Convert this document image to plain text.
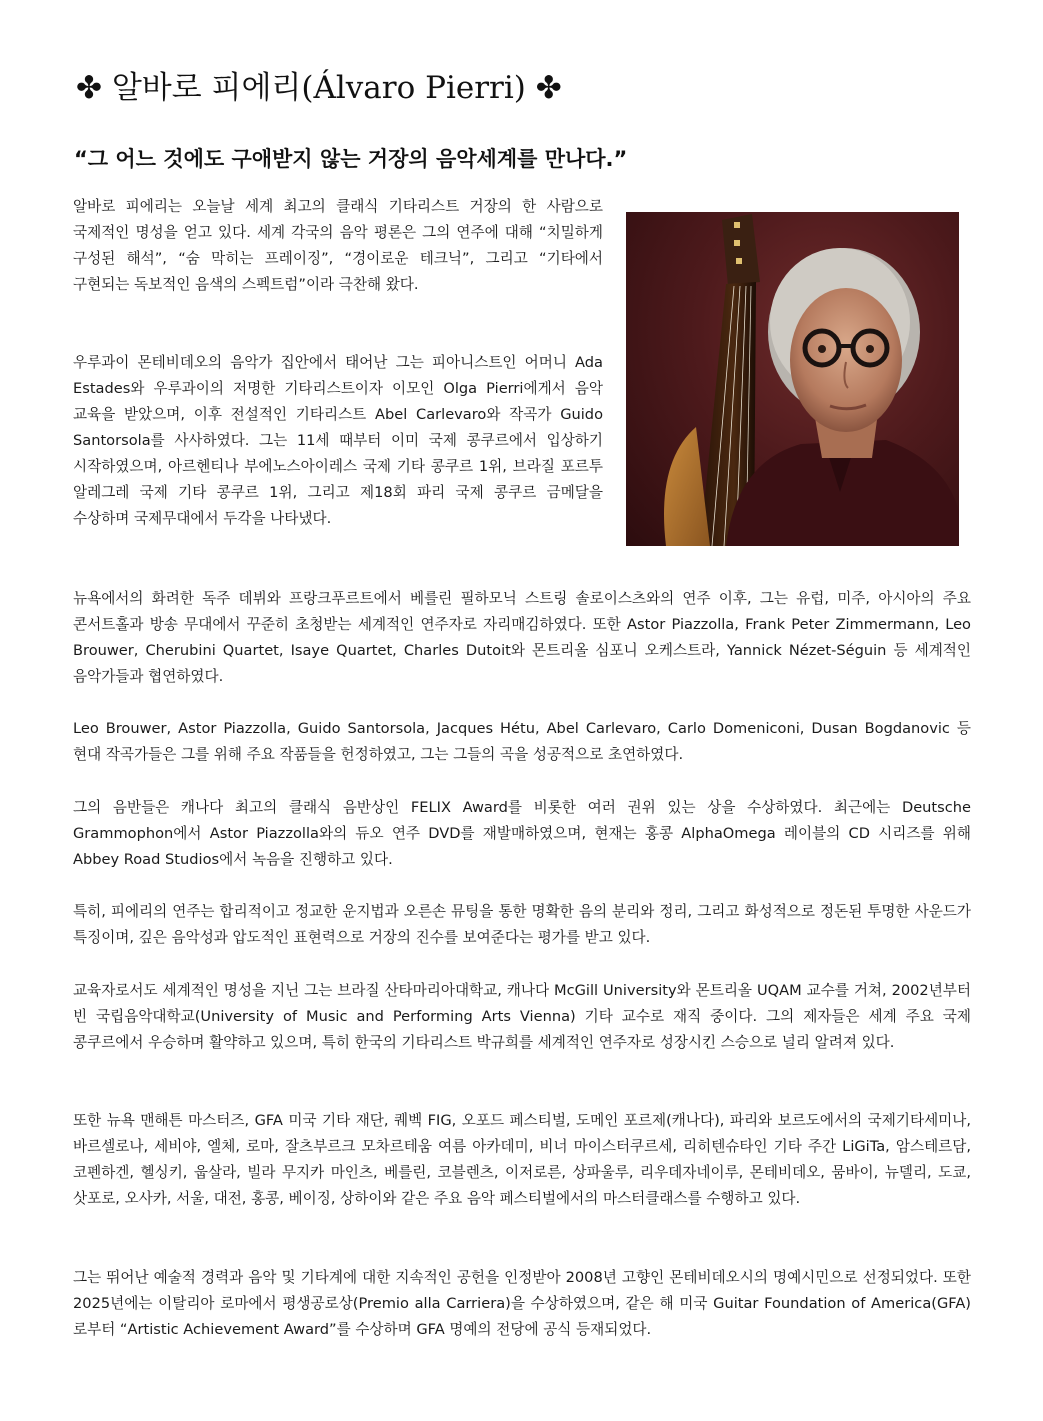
✤ 알바로 피에리(Álvaro Pierri) ✤
“그 어느 것에도 구애받지 않는 거장의 음악세계를 만나다.”

알바로 피에리는 오늘날 세계 최고의 클래식 기타리스트 거장의 한 사람으로 국제적인 명성을 얻고 있다. 세계 각국의 음악 평론은 그의 연주에 대해 “치밀하게 구성된 해석”, “숨 막히는 프레이징”, “경이로운 테크닉”, 그리고 “기타에서 구현되는 독보적인 음색의 스펙트럼”이라 극찬해 왔다.

우루과이 몬테비데오의 음악가 집안에서 태어난 그는 피아니스트인 어머니 Ada Estades와 우루과이의 저명한 기타리스트이자 이모인 Olga Pierri에게서 음악 교육을 받았으며, 이후 전설적인 기타리스트 Abel Carlevaro와 작곡가 Guido Santorsola를 사사하였다. 그는 11세 때부터 이미 국제 콩쿠르에서 입상하기 시작하였으며, 아르헨티나 부에노스아이레스 국제 기타 콩쿠르 1위, 브라질 포르투 알레그레 국제 기타 콩쿠르 1위, 그리고 제18회 파리 국제 콩쿠르 금메달을 수상하며 국제무대에서 두각을 나타냈다.

뉴욕에서의 화려한 독주 데뷔와 프랑크푸르트에서 베를린 필하모닉 스트링 솔로이스츠와의 연주 이후, 그는 유럽, 미주, 아시아의 주요 콘서트홀과 방송 무대에서 꾸준히 초청받는 세계적인 연주자로 자리매김하였다. 또한 Astor Piazzolla, Frank Peter Zimmermann, Leo Brouwer, Cherubini Quartet, Isaye Quartet, Charles Dutoit와 몬트리올 심포니 오케스트라, Yannick Nézet-Séguin 등 세계적인 음악가들과 협연하였다.

Leo Brouwer, Astor Piazzolla, Guido Santorsola, Jacques Hétu, Abel Carlevaro, Carlo Domeniconi, Dusan Bogdanovic 등 현대 작곡가들은 그를 위해 주요 작품들을 헌정하였고, 그는 그들의 곡을 성공적으로 초연하였다.

그의 음반들은 캐나다 최고의 클래식 음반상인 FELIX Award를 비롯한 여러 권위 있는 상을 수상하였다. 최근에는 Deutsche Grammophon에서 Astor Piazzolla와의 듀오 연주 DVD를 재발매하였으며, 현재는 홍콩 AlphaOmega 레이블의 CD 시리즈를 위해 Abbey Road Studios에서 녹음을 진행하고 있다.

특히, 피에리의 연주는 합리적이고 정교한 운지법과 오른손 뮤팅을 통한 명확한 음의 분리와 정리, 그리고 화성적으로 정돈된 투명한 사운드가 특징이며, 깊은 음악성과 압도적인 표현력으로 거장의 진수를 보여준다는 평가를 받고 있다.

교육자로서도 세계적인 명성을 지닌 그는 브라질 산타마리아대학교, 캐나다 McGill University와 몬트리올 UQAM 교수를 거쳐, 2002년부터 빈 국립음악대학교(University of Music and Performing Arts Vienna) 기타 교수로 재직 중이다. 그의 제자들은 세계 주요 국제 콩쿠르에서 우승하며 활약하고 있으며, 특히 한국의 기타리스트 박규희를 세계적인 연주자로 성장시킨 스승으로 널리 알려져 있다.

또한 뉴욕 맨해튼 마스터즈, GFA 미국 기타 재단, 퀘벡 FIG, 오포드 페스티벌, 도메인 포르제(캐나다), 파리와 보르도에서의 국제기타세미나, 바르셀로나, 세비야, 엘체, 로마, 잘츠부르크 모차르테움 여름 아카데미, 비너 마이스터쿠르세, 리히텐슈타인 기타 주간 LiGiTa, 암스테르담, 코펜하겐, 헬싱키, 웁살라, 빌라 무지카 마인츠, 베를린, 코블렌츠, 이저로른, 상파울루, 리우데자네이루, 몬테비데오, 뭄바이, 뉴델리, 도쿄, 삿포로, 오사카, 서울, 대전, 홍콩, 베이징, 상하이와 같은 주요 음악 페스티벌에서의 마스터클래스를 수행하고 있다.

그는 뛰어난 예술적 경력과 음악 및 기타계에 대한 지속적인 공헌을 인정받아 2008년 고향인 몬테비데오시의 명예시민으로 선정되었다. 또한 2025년에는 이탈리아 로마에서 평생공로상(Premio alla Carriera)을 수상하였으며, 같은 해 미국 Guitar Foundation of America(GFA)로부터 “Artistic Achievement Award”를 수상하며 GFA 명예의 전당에 공식 등재되었다.
